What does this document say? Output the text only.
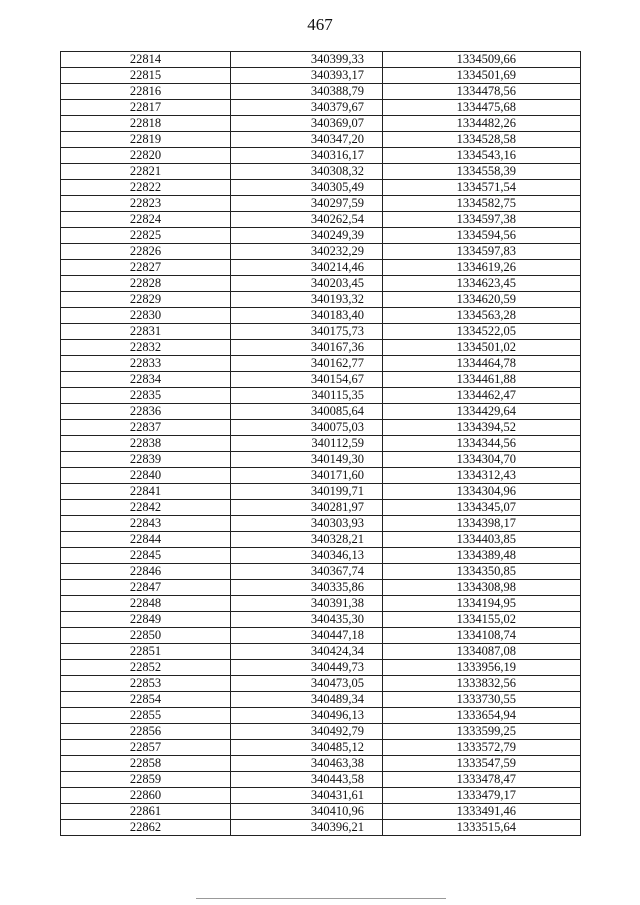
467
22814	340399,33	1334509,66
22815	340393,17	1334501,69
22816	340388,79	1334478,56
22817	340379,67	1334475,68
22818	340369,07	1334482,26
22819	340347,20	1334528,58
22820	340316,17	1334543,16
22821	340308,32	1334558,39
22822	340305,49	1334571,54
22823	340297,59	1334582,75
22824	340262,54	1334597,38
22825	340249,39	1334594,56
22826	340232,29	1334597,83
22827	340214,46	1334619,26
22828	340203,45	1334623,45
22829	340193,32	1334620,59
22830	340183,40	1334563,28
22831	340175,73	1334522,05
22832	340167,36	1334501,02
22833	340162,77	1334464,78
22834	340154,67	1334461,88
22835	340115,35	1334462,47
22836	340085,64	1334429,64
22837	340075,03	1334394,52
22838	340112,59	1334344,56
22839	340149,30	1334304,70
22840	340171,60	1334312,43
22841	340199,71	1334304,96
22842	340281,97	1334345,07
22843	340303,93	1334398,17
22844	340328,21	1334403,85
22845	340346,13	1334389,48
22846	340367,74	1334350,85
22847	340335,86	1334308,98
22848	340391,38	1334194,95
22849	340435,30	1334155,02
22850	340447,18	1334108,74
22851	340424,34	1334087,08
22852	340449,73	1333956,19
22853	340473,05	1333832,56
22854	340489,34	1333730,55
22855	340496,13	1333654,94
22856	340492,79	1333599,25
22857	340485,12	1333572,79
22858	340463,38	1333547,59
22859	340443,58	1333478,47
22860	340431,61	1333479,17
22861	340410,96	1333491,46
22862	340396,21	1333515,64
